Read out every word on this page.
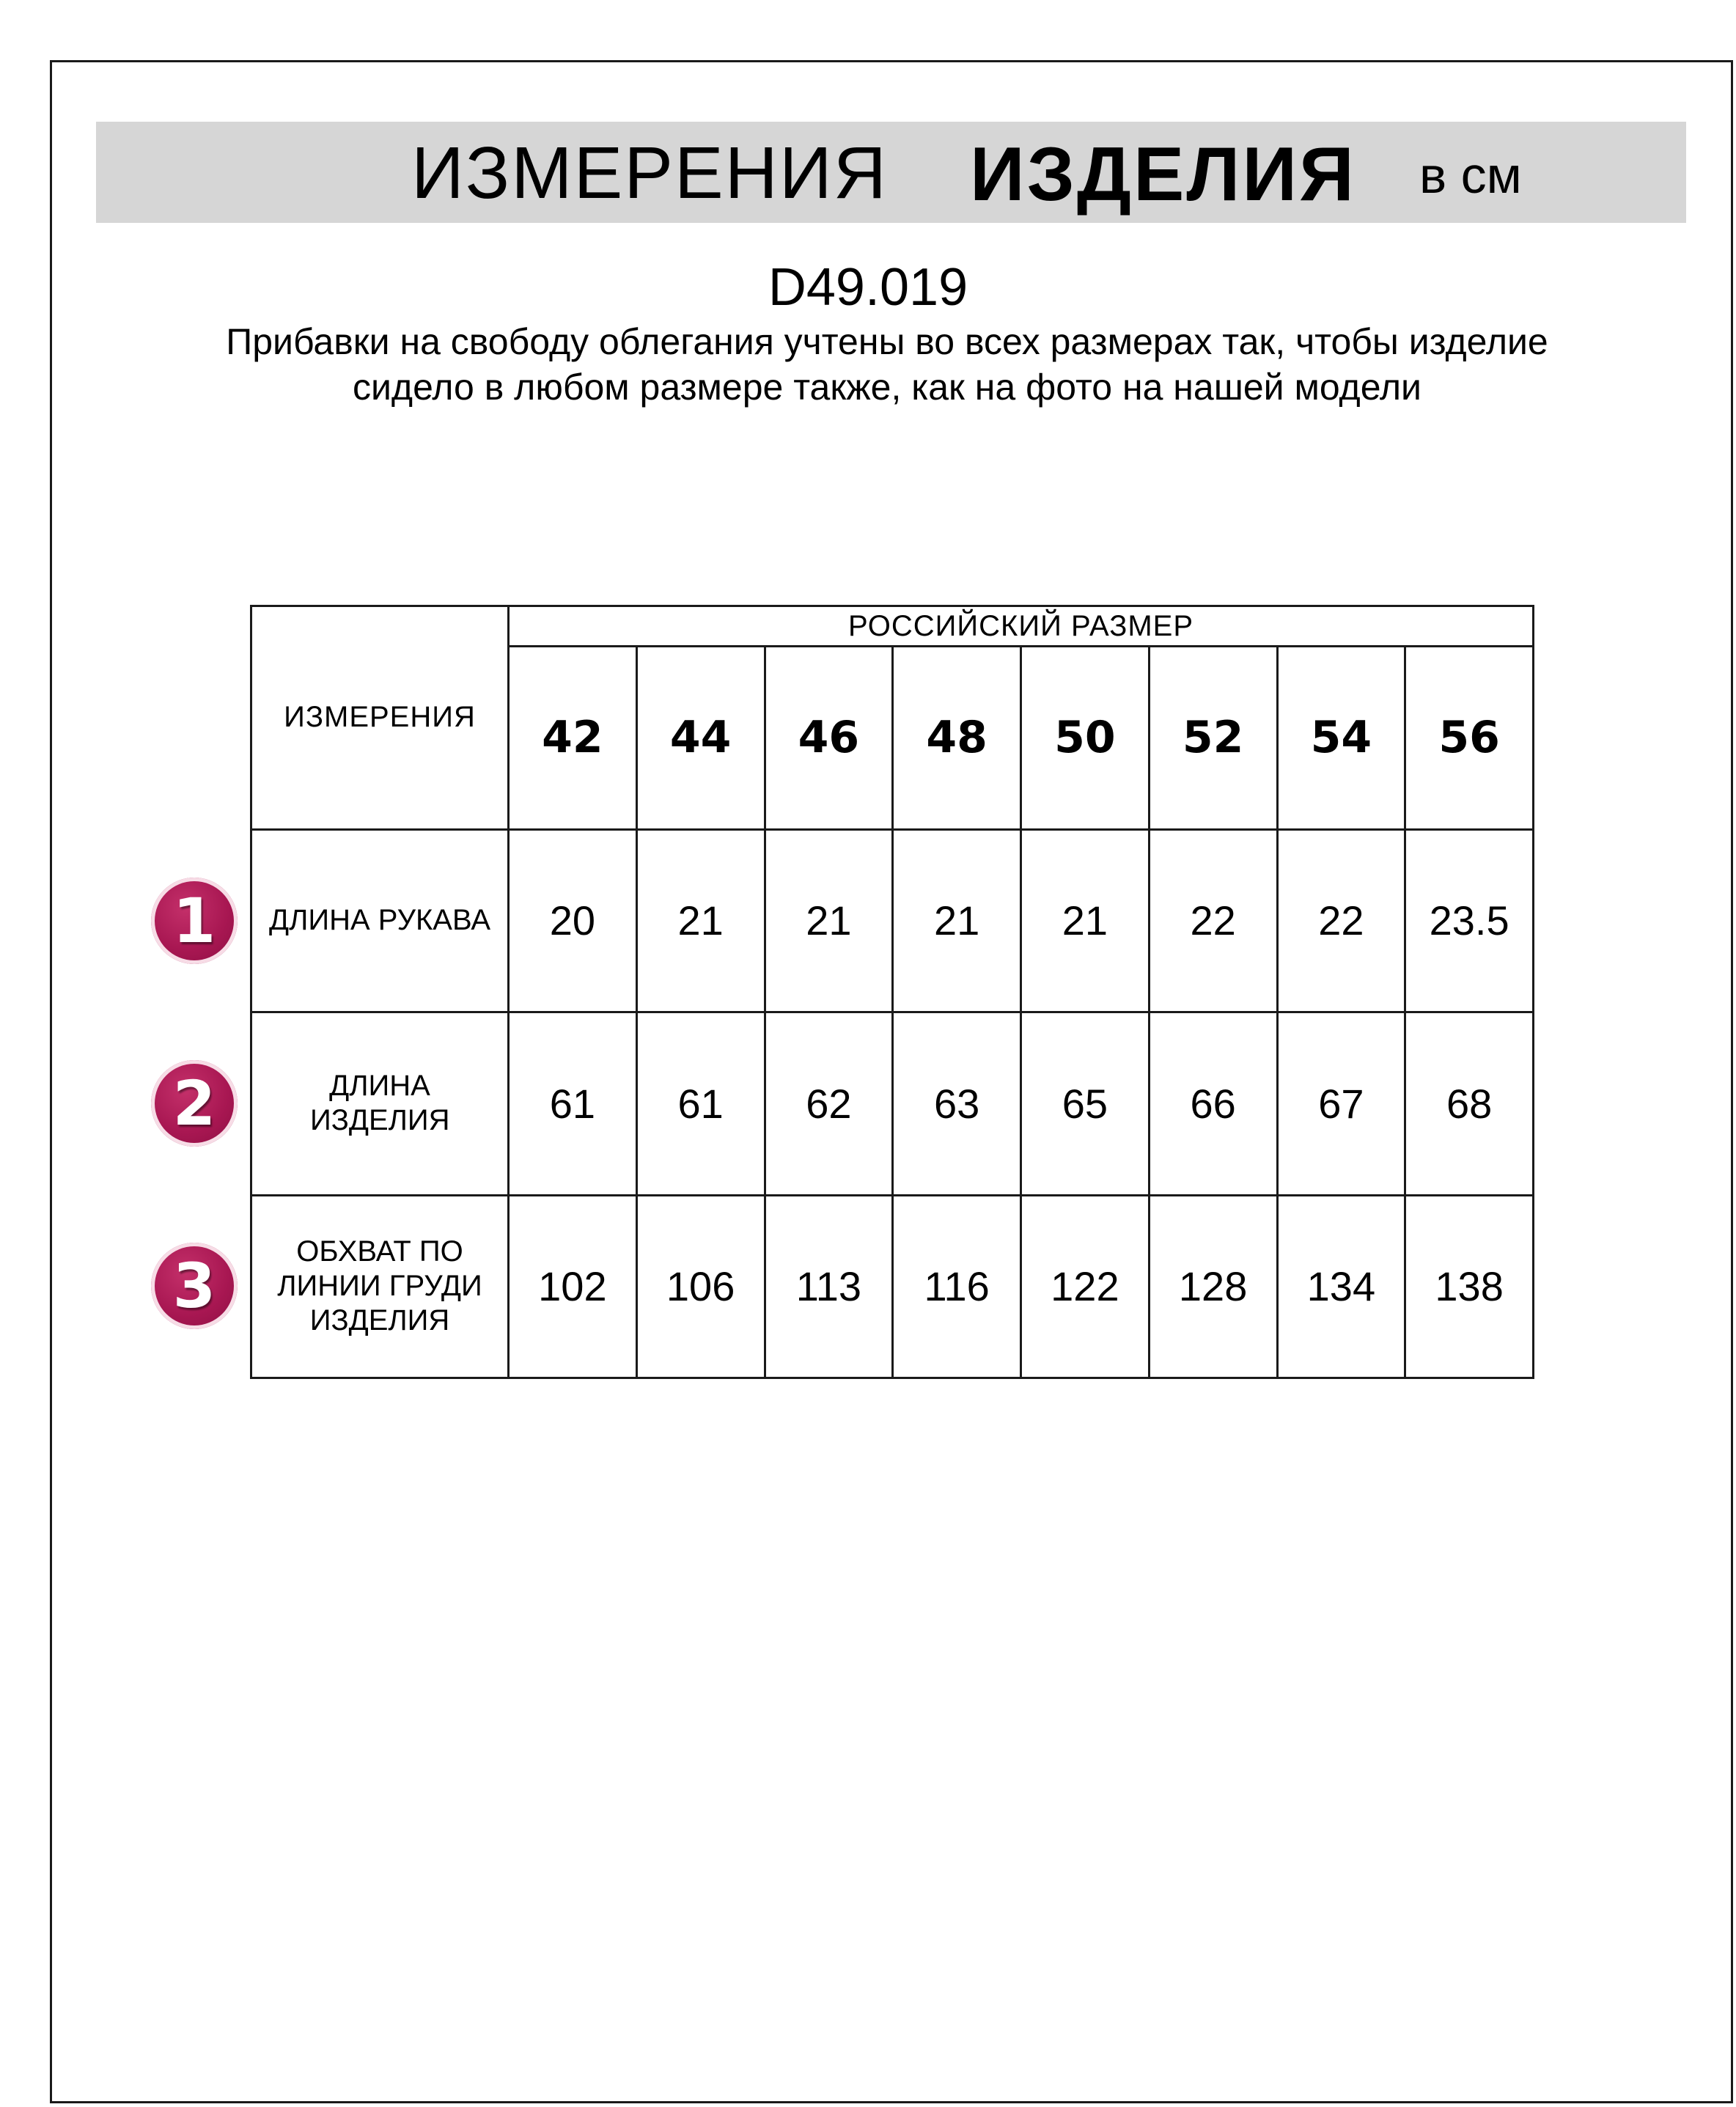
ИЗМЕРЕНИЯ ИЗДЕЛИЯ в см
D49.019
Прибавки на свободу облегания учтены во всех размерах так, чтобы изделие сидело в любом размере также, как на фото на нашей модели
ИЗМЕРЕНИЯ	РОССИЙСКИЙ РАЗМЕР							
	42	44	46	48	50	52	54	56
ДЛИНА РУКАВА	20	21	21	21	21	22	22	23.5
ДЛИНА ИЗДЕЛИЯ	61	61	62	63	65	66	67	68
ОБХВАТ ПО ЛИНИИ ГРУДИ ИЗДЕЛИЯ	102	106	113	116	122	128	134	138
1
2
3
